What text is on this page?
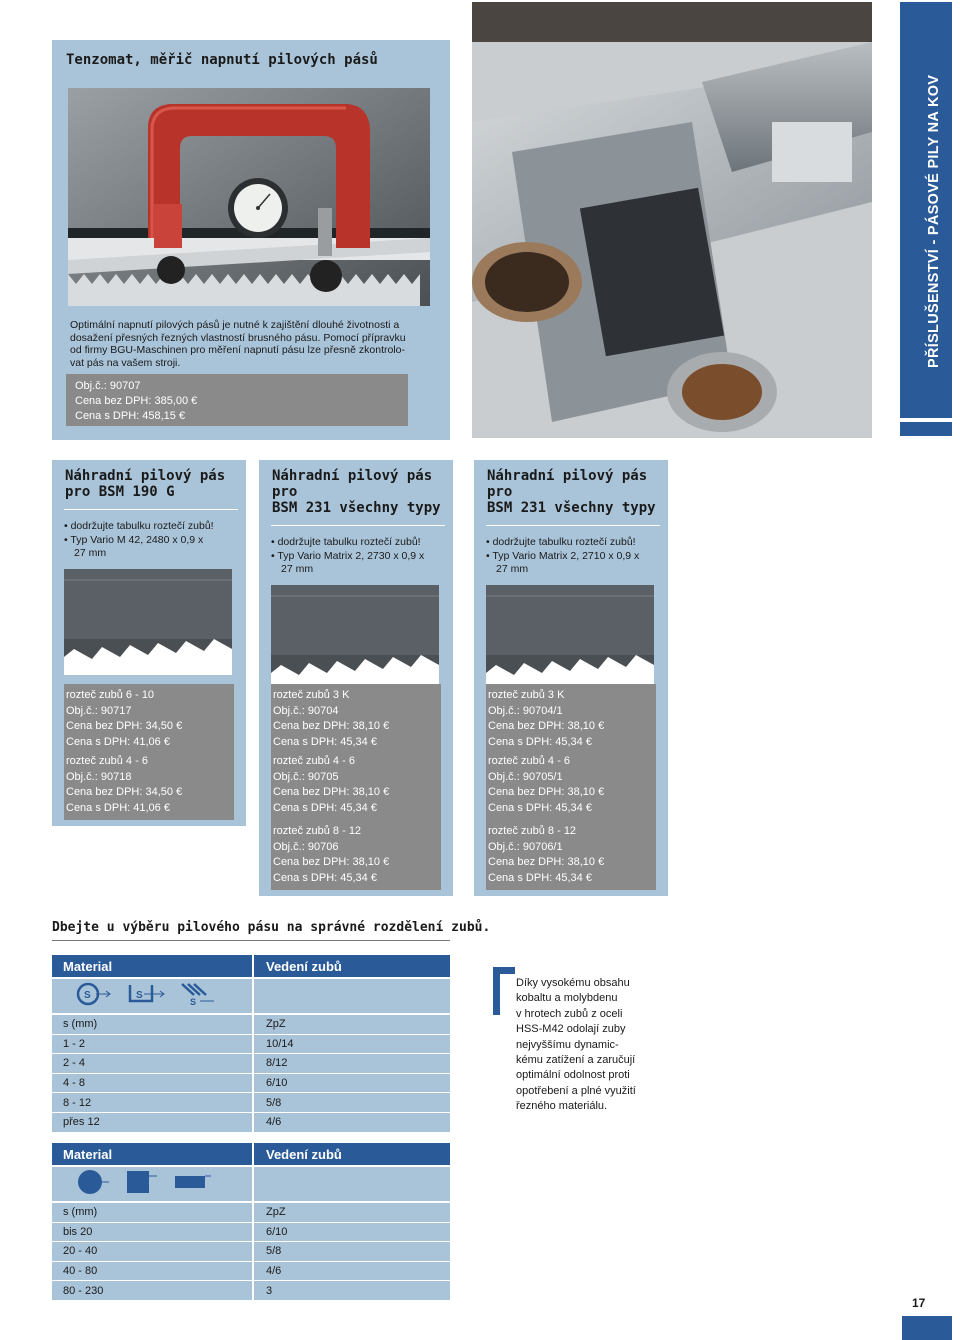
Tenzomat, měřič napnutí pilových pásů
Optimální napnutí pilových pásů je nutné k zajištění dlouhé životnosti a
dosažení přesných řezných vlastností brusného pásu. Pomocí přípravku
od firmy BGU-Maschinen pro měření napnutí pásu lze přesně zkontrolo-
vat pás na vašem stroji.
Obj.č.: 90707
Cena bez DPH: 385,00 €
Cena s DPH: 458,15 €
PŘÍSLUŠENSTVÍ - PÁSOVÉ PILY NA KOV
Náhradní pilový pás
pro BSM 190 G
• dodržujte tabulku roztečí zubů!
• Typ Vario M 42, 2480 x 0,9 x
27 mm
rozteč zubů 6 - 10
Obj.č.: 90717
Cena bez DPH: 34,50 €
Cena s DPH: 41,06 €
rozteč zubů 4 - 6
Obj.č.: 90718
Cena bez DPH: 34,50 €
Cena s DPH: 41,06 €
Náhradní pilový pás pro
BSM 231 všechny typy
• dodržujte tabulku roztečí zubů!
• Typ Vario Matrix 2, 2730 x 0,9 x
27 mm
rozteč zubů 3 K
Obj.č.: 90704
Cena bez DPH: 38,10 €
Cena s DPH: 45,34 €
rozteč zubů 4 - 6
Obj.č.: 90705
Cena bez DPH: 38,10 €
Cena s DPH: 45,34 €
rozteč zubů 8 - 12
Obj.č.: 90706
Cena bez DPH: 38,10 €
Cena s DPH: 45,34 €
Náhradní pilový pás pro
BSM 231 všechny typy
• dodržujte tabulku roztečí zubů!
• Typ Vario Matrix 2, 2710 x 0,9 x
27 mm
rozteč zubů 3 K
Obj.č.: 90704/1
Cena bez DPH: 38,10 €
Cena s DPH: 45,34 €
rozteč zubů 4 - 6
Obj.č.: 90705/1
Cena bez DPH: 38,10 €
Cena s DPH: 45,34 €
rozteč zubů 8 - 12
Obj.č.: 90706/1
Cena bez DPH: 38,10 €
Cena s DPH: 45,34 €
Dbejte u výběru pilového pásu na správné rozdělení zubů.
Material	Vedení zubů
S	S
S
s (mm)	ZpZ
1 - 2	10/14
2 - 4	8/12
4 - 8	6/10
8 - 12	5/8
přes 12	4/6
Material	Vedení zubů
s (mm)	ZpZ
bis 20	6/10
20 - 40	5/8
40 - 80	4/6
80 - 230	3
Díky vysokému obsahu
kobaltu a molybdenu
v hrotech zubů z oceli
HSS-M42 odolají zuby
nejvyššímu dynamic-
kému zatížení a zaručují
optimální odolnost proti
opotřebení a plné využití
řezného materiálu.
17
